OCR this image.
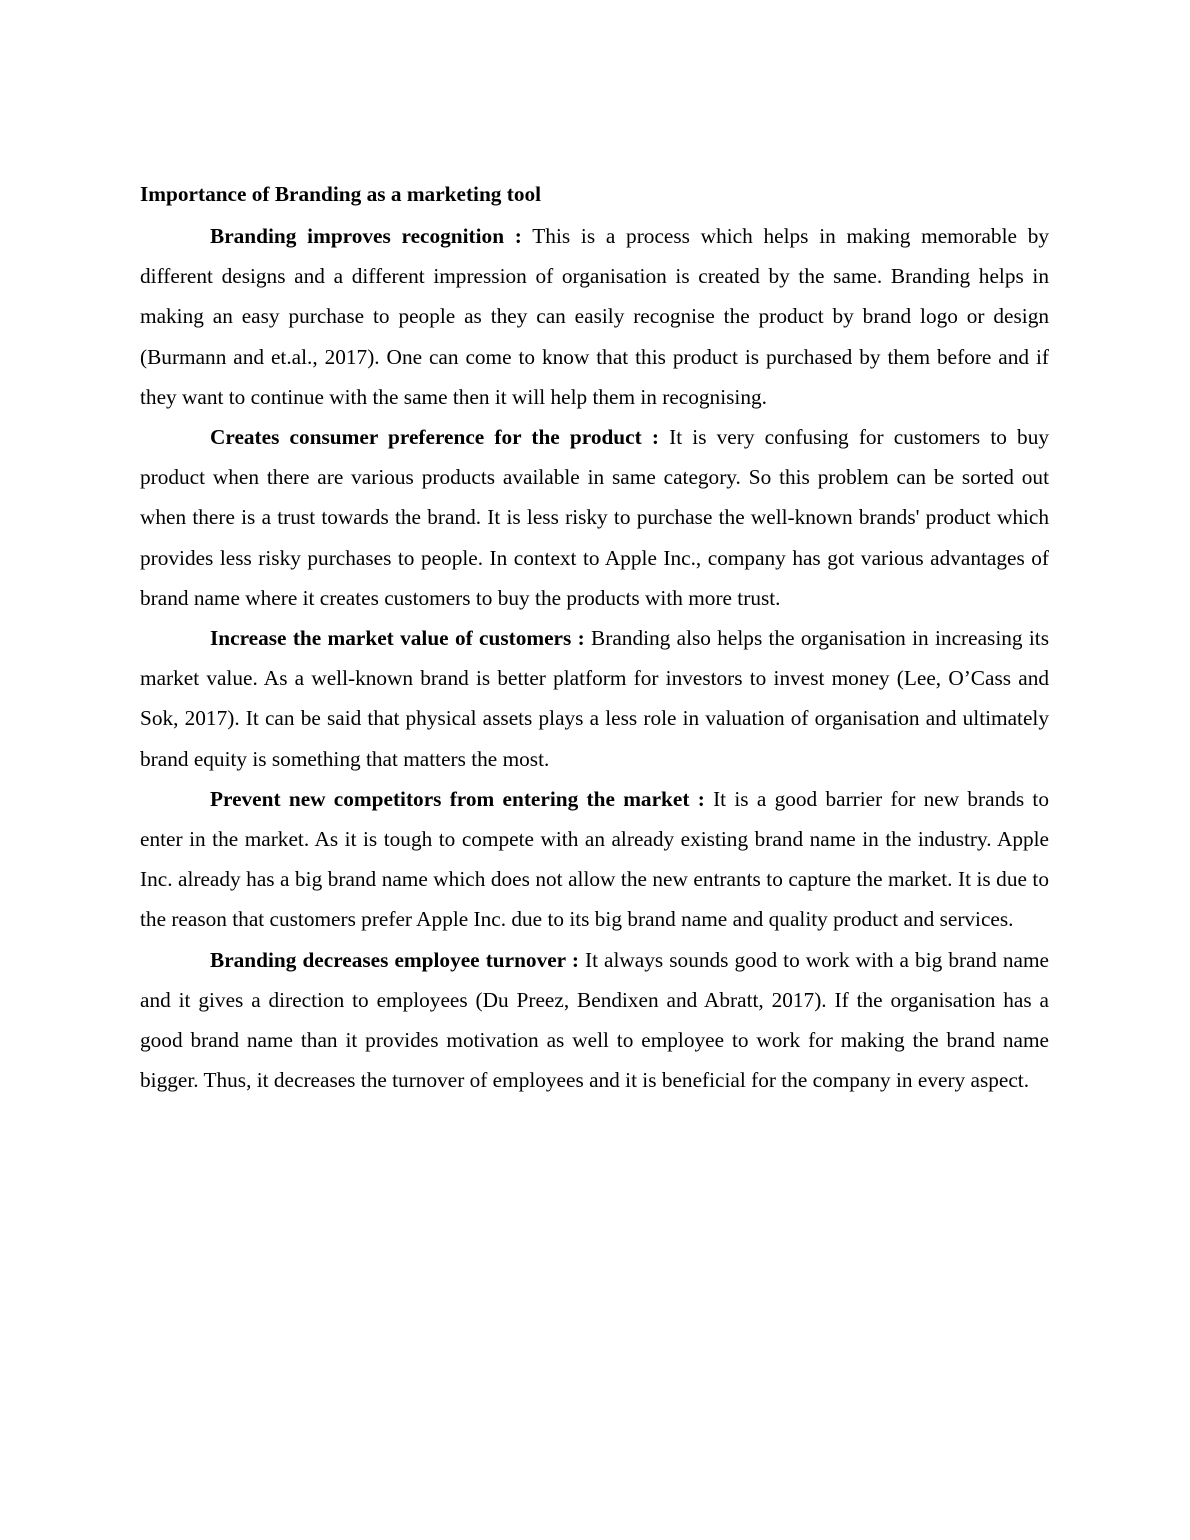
Importance of Branding as a marketing tool

Branding improves recognition : This is a process which helps in making memorable by different designs and a different impression of organisation is created by the same. Branding helps in making an easy purchase to people as they can easily recognise the product by brand logo or design (Burmann and et.al., 2017). One can come to know that this product is purchased by them before and if they want to continue with the same then it will help them in recognising.

Creates consumer preference for the product : It is very confusing for customers to buy product when there are various products available in same category. So this problem can be sorted out when there is a trust towards the brand. It is less risky to purchase the well-known brands' product which provides less risky purchases to people. In context to Apple Inc., company has got various advantages of brand name where it creates customers to buy the products with more trust.

Increase the market value of customers : Branding also helps the organisation in increasing its market value. As a well-known brand is better platform for investors to invest money (Lee, O’Cass and Sok, 2017). It can be said that physical assets plays a less role in valuation of organisation and ultimately brand equity is something that matters the most.

Prevent new competitors from entering the market : It is a good barrier for new brands to enter in the market. As it is tough to compete with an already existing brand name in the industry. Apple Inc. already has a big brand name which does not allow the new entrants to capture the market. It is due to the reason that customers prefer Apple Inc. due to its big brand name and quality product and services.

Branding decreases employee turnover : It always sounds good to work with a big brand name and it gives a direction to employees (Du Preez, Bendixen and Abratt, 2017). If the organisation has a good brand name than it provides motivation as well to employee to work for making the brand name bigger. Thus, it decreases the turnover of employees and it is beneficial for the company in every aspect.
